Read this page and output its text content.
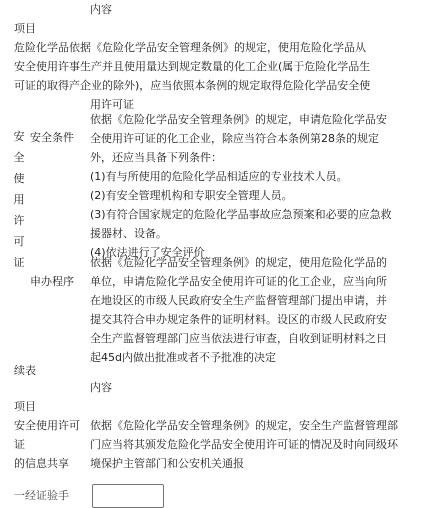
内容
项目
危险化学品依据《危险化学品安全管理条例》的规定，使用危险化学品从
安全使用许事生产并且使用量达到规定数量的化工企业(属于危险化学品生
可证的取得产企业的除外)，应当依照本条例的规定取得危险化学品安全使
用许可证
安
全
使
用
许
可
证
安全条件
依据《危险化学品安全管理条例》的规定，申请危险化学品安
全使用许可证的化工企业，除应当符合本条例第28条的规定
外，还应当具备下列条件：
(1)有与所使用的危险化学品相适应的专业技术人员。
(2)有安全管理机构和专职安全管理人员。
(3)有符合国家规定的危险化学品事故应急预案和必要的应急救
援器材、设备。
(4)依法进行了安全评价
申办程序
依据《危险化学品安全管理条例》的规定，使用危险化学品的
单位，申请危险化学品安全使用许可证的化工企业，应当向所
在地设区的市级人民政府安全生产监督管理部门提出申请，并
提交其符合申办规定条件的证明材料。设区的市级人民政府安
全生产监督管理部门应当依法进行审查，自收到证明材料之日
起45d内做出批准或者不予批准的决定
续表
内容
项目
安全使用许可
证
的信息共享
依据《危险化学品安全管理条例》的规定，安全生产监督管理部
门应当将其颁发危险化学品安全使用许可证的情况及时向同级环
境保护主管部门和公安机关通报
一经证验手
